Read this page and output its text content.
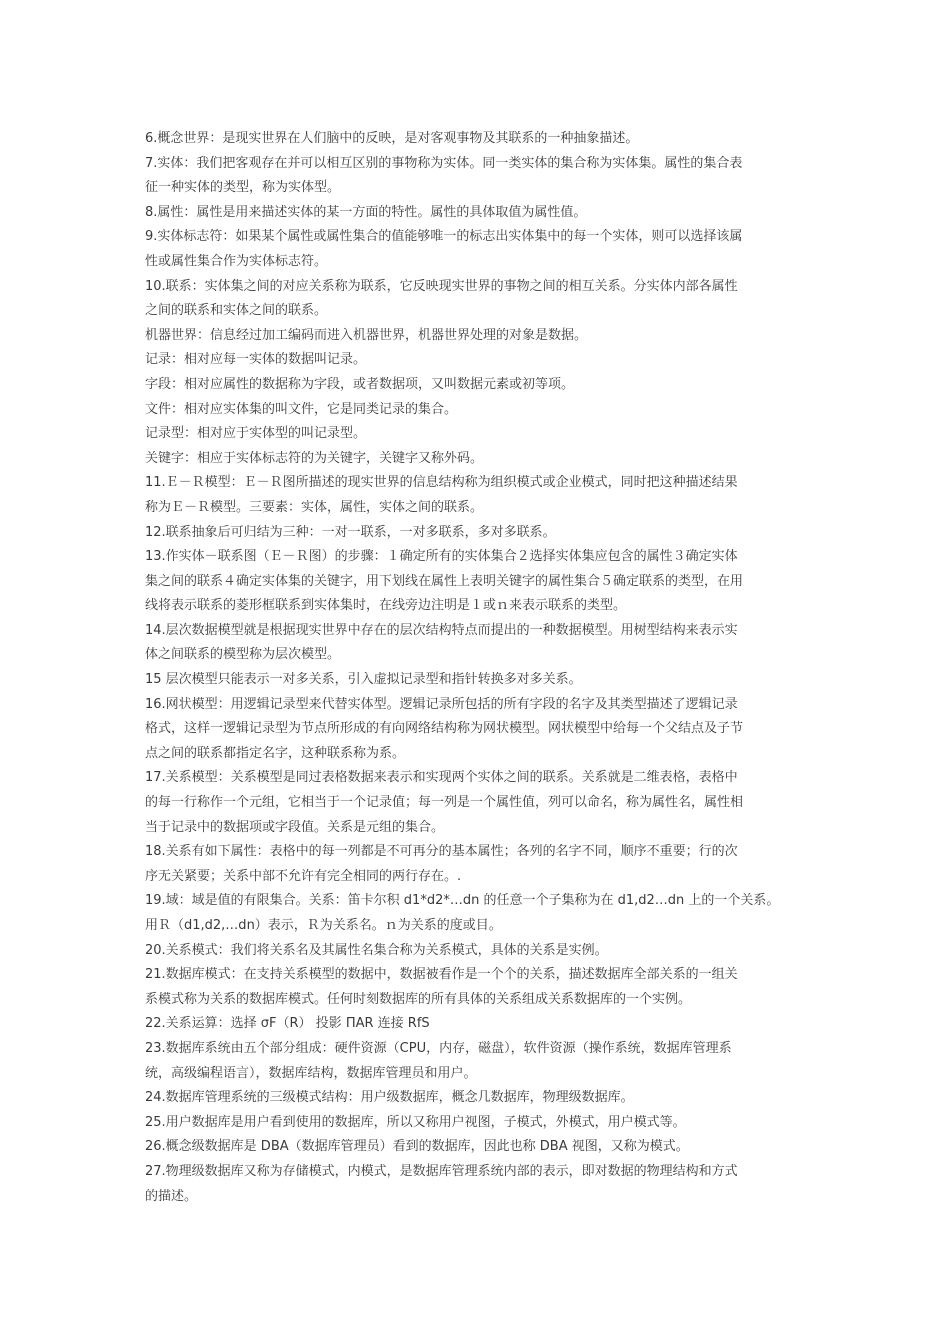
6.概念世界：是现实世界在人们脑中的反映，是对客观事物及其联系的一种抽象描述。
7.实体：我们把客观存在并可以相互区别的事物称为实体。同一类实体的集合称为实体集。属性的集合表
征一种实体的类型，称为实体型。
8.属性：属性是用来描述实体的某一方面的特性。属性的具体取值为属性值。
9.实体标志符：如果某个属性或属性集合的值能够唯一的标志出实体集中的每一个实体，则可以选择该属
性或属性集合作为实体标志符。
10.联系：实体集之间的对应关系称为联系，它反映现实世界的事物之间的相互关系。分实体内部各属性
之间的联系和实体之间的联系。
机器世界：信息经过加工编码而进入机器世界，机器世界处理的对象是数据。
记录：相对应每一实体的数据叫记录。
字段：相对应属性的数据称为字段，或者数据项，又叫数据元素或初等项。
文件：相对应实体集的叫文件，它是同类记录的集合。
记录型：相对应于实体型的叫记录型。
关键字：相应于实体标志符的为关键字，关键字又称外码。
11.Ｅ－Ｒ模型：Ｅ－Ｒ图所描述的现实世界的信息结构称为组织模式或企业模式，同时把这种描述结果
称为Ｅ－Ｒ模型。三要素：实体，属性，实体之间的联系。
12.联系抽象后可归结为三种：一对一联系，一对多联系，多对多联系。
13.作实体－联系图（Ｅ－Ｒ图）的步骤：１确定所有的实体集合２选择实体集应包含的属性３确定实体
集之间的联系４确定实体集的关键字，用下划线在属性上表明关键字的属性集合５确定联系的类型，在用
线将表示联系的菱形框联系到实体集时，在线旁边注明是１或ｎ来表示联系的类型。
14.层次数据模型就是根据现实世界中存在的层次结构特点而提出的一种数据模型。用树型结构来表示实
体之间联系的模型称为层次模型。
15 层次模型只能表示一对多关系，引入虚拟记录型和指针转换多对多关系。
16.网状模型：用逻辑记录型来代替实体型。逻辑记录所包括的所有字段的名字及其类型描述了逻辑记录
格式，这样一逻辑记录型为节点所形成的有向网络结构称为网状模型。网状模型中给每一个父结点及子节
点之间的联系都指定名字，这种联系称为系。
17.关系模型：关系模型是同过表格数据来表示和实现两个实体之间的联系。关系就是二维表格，表格中
的每一行称作一个元组，它相当于一个记录值；每一列是一个属性值，列可以命名，称为属性名，属性相
当于记录中的数据项或字段值。关系是元组的集合。
18.关系有如下属性：表格中的每一列都是不可再分的基本属性；各列的名字不同，顺序不重要；行的次
序无关紧要；关系中部不允许有完全相同的两行存在。.
19.域：域是值的有限集合。关系：笛卡尔积 d1*d2*…dn 的任意一个子集称为在 d1,d2…dn 上的一个关系。
用Ｒ（d1,d2,…dn）表示，Ｒ为关系名。ｎ为关系的度或目。
20.关系模式：我们将关系名及其属性名集合称为关系模式，具体的关系是实例。
21.数据库模式：在支持关系模型的数据中，数据被看作是一个个的关系，描述数据库全部关系的一组关
系模式称为关系的数据库模式。任何时刻数据库的所有具体的关系组成关系数据库的一个实例。
22.关系运算：选择 σF（R） 投影 ΠAR 连接 RfS
23.数据库系统由五个部分组成：硬件资源（CPU，内存，磁盘），软件资源（操作系统，数据库管理系
统，高级编程语言），数据库结构，数据库管理员和用户。
24.数据库管理系统的三级模式结构：用户级数据库，概念几数据库，物理级数据库。
25.用户数据库是用户看到使用的数据库，所以又称用户视图，子模式，外模式，用户模式等。
26.概念级数据库是 DBA（数据库管理员）看到的数据库，因此也称 DBA 视图，又称为模式。
27.物理级数据库又称为存储模式，内模式，是数据库管理系统内部的表示，即对数据的物理结构和方式
的描述。
